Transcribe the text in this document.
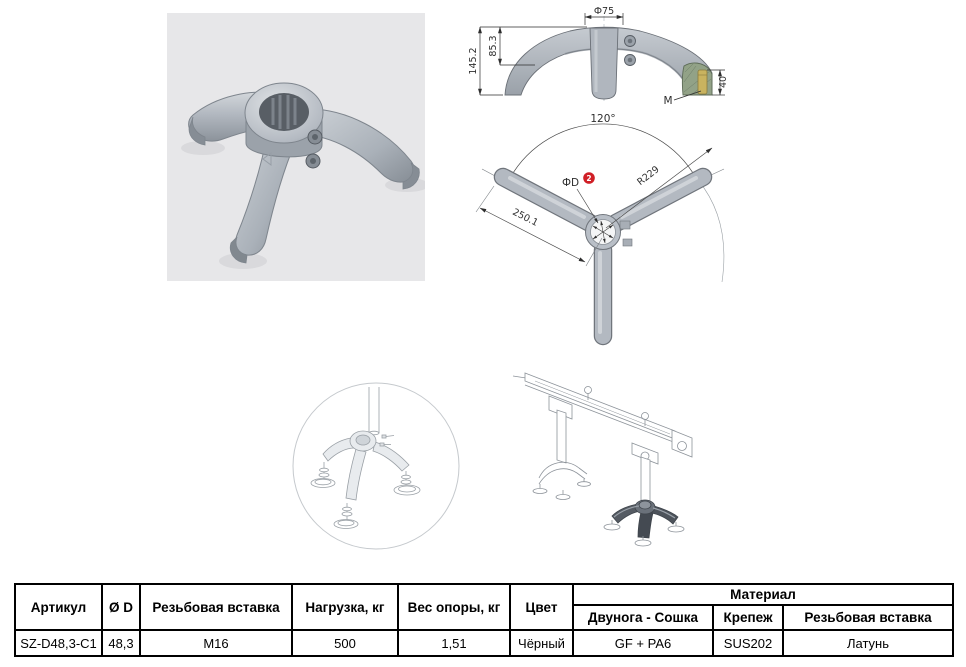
Ф75
145.2
85.3
40
M
2
120°
ФD	R229
250.1
Артикул	Ø D	Резьбовая вставка	Нагрузка, кг	Вес опоры, кг	Цвет	Материал		
						Двунога - Сошка	Крепеж	Резьбовая вставка
SZ-D48,3-C1	48,3	М16	500	1,51	Чёрный	GF + PA6	SUS202	Латунь
